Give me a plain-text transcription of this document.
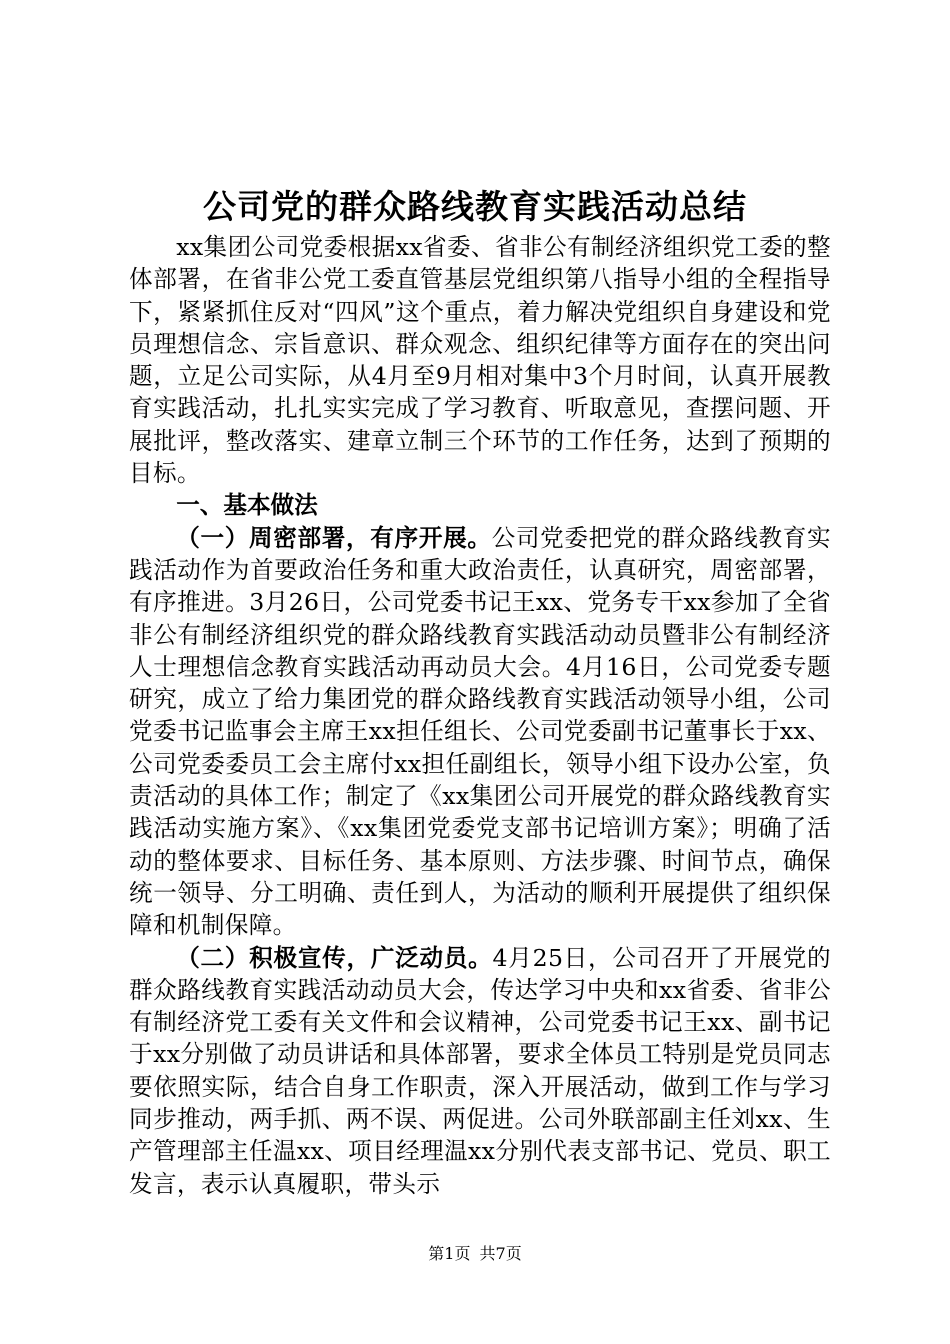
公司党的群众路线教育实践活动总结

xx集团公司党委根据xx省委、省非公有制经济组织党工委的整体部署，在省非公党工委直管基层党组织第八指导小组的全程指导下，紧紧抓住反对“四风”这个重点，着力解决党组织自身建设和党员理想信念、宗旨意识、群众观念、组织纪律等方面存在的突出问题，立足公司实际，从4月至9月相对集中3个月时间，认真开展教育实践活动，扎扎实实完成了学习教育、听取意见，查摆问题、开展批评，整改落实、建章立制三个环节的工作任务，达到了预期的目标。

一、基本做法

（一）周密部署，有序开展。公司党委把党的群众路线教育实践活动作为首要政治任务和重大政治责任，认真研究，周密部署，有序推进。3月26日，公司党委书记王xx、党务专干xx参加了全省非公有制经济组织党的群众路线教育实践活动动员暨非公有制经济人士理想信念教育实践活动再动员大会。4月16日，公司党委专题研究，成立了给力集团党的群众路线教育实践活动领导小组，公司党委书记监事会主席王xx担任组长、公司党委副书记董事长于xx、公司党委委员工会主席付xx担任副组长，领导小组下设办公室，负责活动的具体工作；制定了《xx集团公司开展党的群众路线教育实践活动实施方案》、《xx集团党委党支部书记培训方案》；明确了活动的整体要求、目标任务、基本原则、方法步骤、时间节点，确保统一领导、分工明确、责任到人，为活动的顺利开展提供了组织保障和机制保障。

（二）积极宣传，广泛动员。4月25日，公司召开了开展党的群众路线教育实践活动动员大会，传达学习中央和xx省委、省非公有制经济党工委有关文件和会议精神，公司党委书记王xx、副书记于xx分别做了动员讲话和具体部署，要求全体员工特别是党员同志要依照实际，结合自身工作职责，深入开展活动，做到工作与学习同步推动，两手抓、两不误、两促进。公司外联部副主任刘xx、生产管理部主任温xx、项目经理温xx分别代表支部书记、党员、职工发言，表示认真履职，带头示

第1页 共7页
